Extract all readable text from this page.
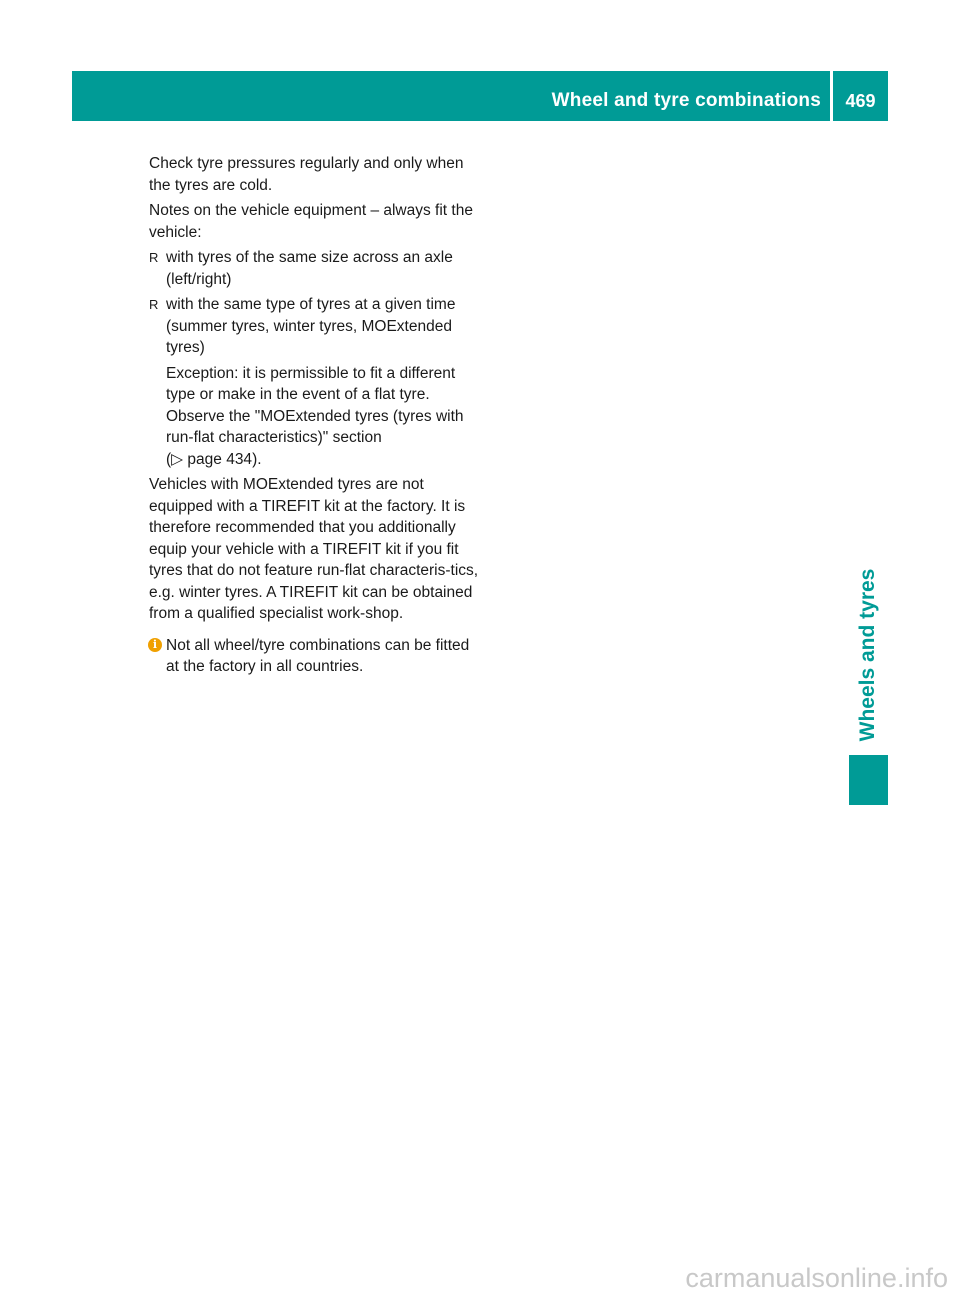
Wheel and tyre combinations	469

Check tyre pressures regularly and only when the tyres are cold.

Notes on the vehicle equipment – always fit the vehicle:

R with tyres of the same size across an axle (left/right)
R with the same type of tyres at a given time (summer tyres, winter tyres, MOExtended tyres)
Exception: it is permissible to fit a different type or make in the event of a flat tyre. Observe the "MOExtended tyres (tyres with run-flat characteristics)" section
(▷ page 434).

Vehicles with MOExtended tyres are not equipped with a TIREFIT kit at the factory. It is therefore recommended that you additionally equip your vehicle with a TIREFIT kit if you fit tyres that do not feature run-flat characteris-tics, e.g. winter tyres. A TIREFIT kit can be obtained from a qualified specialist work-shop.

i Not all wheel/tyre combinations can be fitted at the factory in all countries.	Wheels and tyres
carmanualsonline.info
